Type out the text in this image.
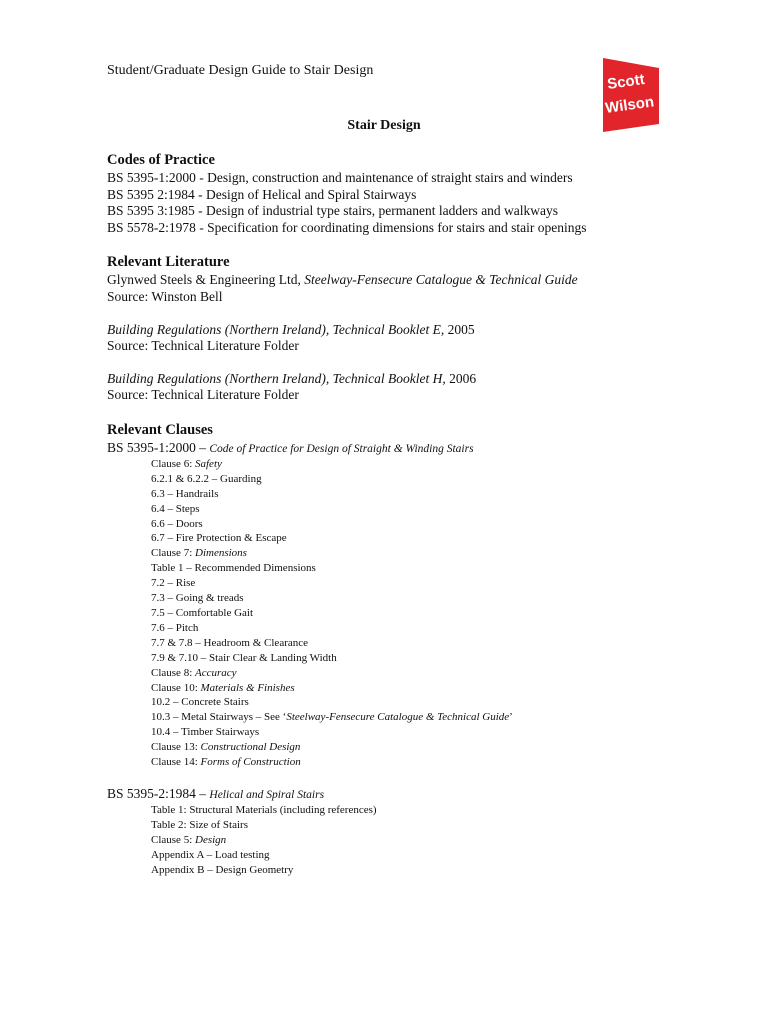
Student/Graduate Design Guide to Stair Design
Scott
Wilson
Stair Design
Codes of Practice
BS 5395-1:2000 - Design, construction and maintenance of straight stairs and winders
BS 5395 2:1984 - Design of Helical and Spiral Stairways
BS 5395 3:1985 - Design of industrial type stairs, permanent ladders and walkways
BS 5578-2:1978 - Specification for coordinating dimensions for stairs and stair openings
Relevant Literature
Glynwed Steels & Engineering Ltd, Steelway-Fensecure Catalogue & Technical Guide
Source: Winston Bell
Building Regulations (Northern Ireland), Technical Booklet E, 2005
Source: Technical Literature Folder
Building Regulations (Northern Ireland), Technical Booklet H, 2006
Source: Technical Literature Folder
Relevant Clauses
BS 5395-1:2000 – Code of Practice for Design of Straight & Winding Stairs
Clause 6: Safety
6.2.1 & 6.2.2 – Guarding
6.3 – Handrails
6.4 – Steps
6.6 – Doors
6.7 – Fire Protection & Escape
Clause 7: Dimensions
Table 1 – Recommended Dimensions
7.2 – Rise
7.3 – Going & treads
7.5 – Comfortable Gait
7.6 – Pitch
7.7 & 7.8 – Headroom & Clearance
7.9 & 7.10 – Stair Clear & Landing Width
Clause 8: Accuracy
Clause 10: Materials & Finishes
10.2 – Concrete Stairs
10.3 – Metal Stairways – See ‘Steelway-Fensecure Catalogue & Technical Guide’
10.4 – Timber Stairways
Clause 13: Constructional Design
Clause 14: Forms of Construction
BS 5395-2:1984 – Helical and Spiral Stairs
Table 1: Structural Materials (including references)
Table 2: Size of Stairs
Clause 5: Design
Appendix A – Load testing
Appendix B – Design Geometry
